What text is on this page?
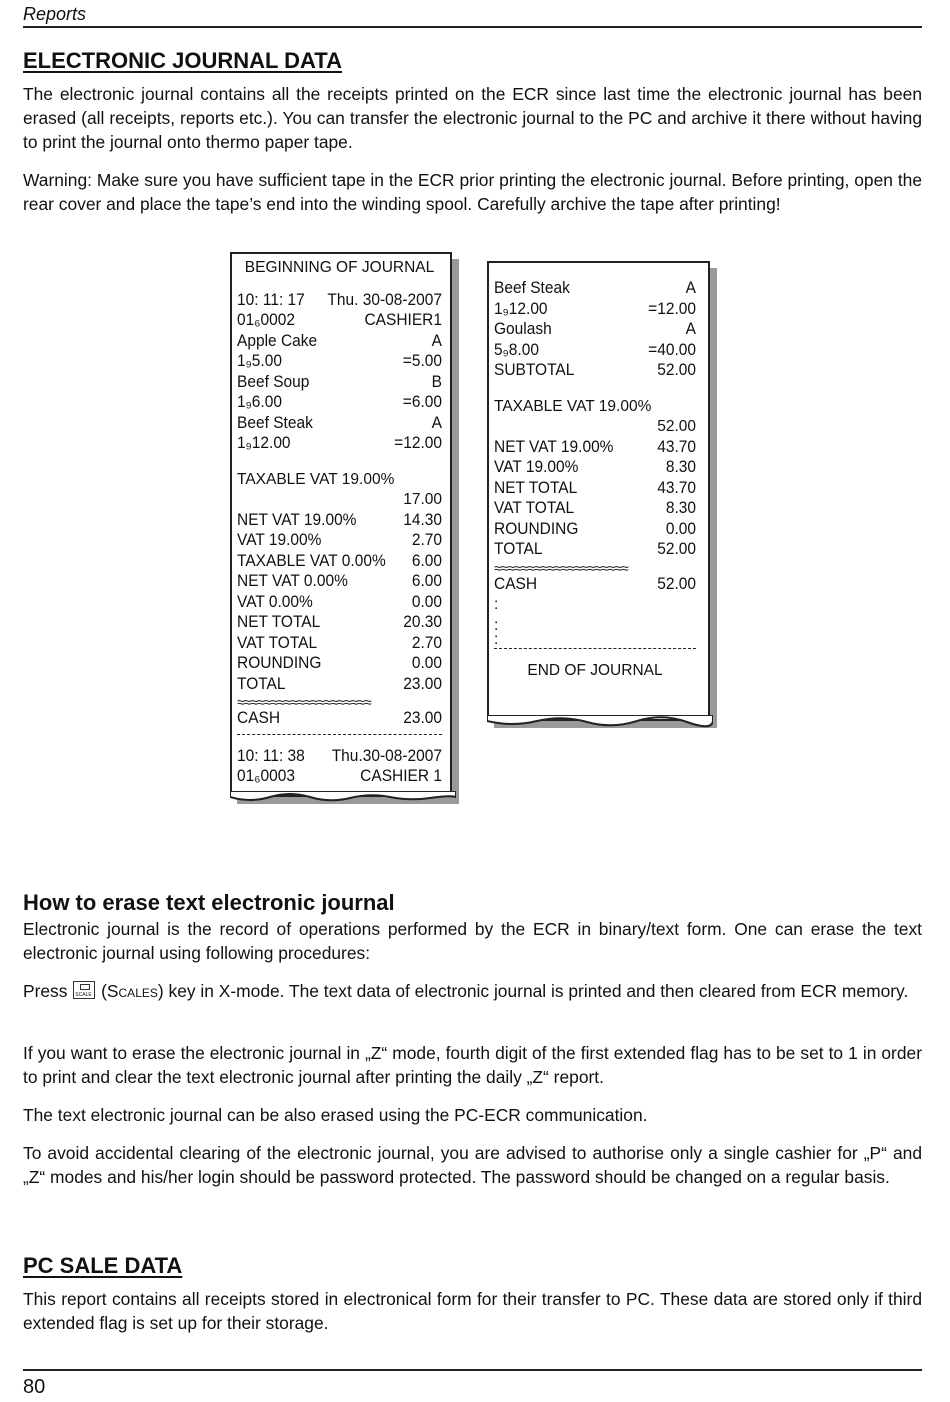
Reports
ELECTRONIC JOURNAL DATA

The electronic journal contains all the receipts printed on the ECR since last time the electronic journal has been erased (all receipts, reports etc.). You can transfer the electronic journal to the PC and archive it there without having to print the journal onto thermo paper tape.

Warning: Make sure you have sufficient tape in the ECR prior printing the electronic journal. Before printing, open the rear cover and place the tape’s end into the winding spool. Carefully archive the tape after printing!

BEGINNING OF JOURNAL
10: 11: 17 Thu. 30-08-2007
01₆0002	CASHIER1
Apple Cake	A
1₉5.00	=5.00
Beef Soup	B
1₉6.00	=6.00
Beef Steak	A
1₉12.00	=12.00
TAXABLE VAT 19.00%
17.00
NET VAT 19.00%	14.30
VAT 19.00%	2.70
TAXABLE VAT 0.00% 6.00
NET VAT 0.00%	6.00
VAT 0.00%	0.00
NET TOTAL	20.30
VAT TOTAL	2.70
ROUNDING	0.00
TOTAL	23.00
≈≈≈≈≈≈≈≈≈≈≈≈≈≈≈≈≈≈≈≈
CASH	23.00
10: 11: 38 Thu.30-08-2007
01₆0003	CASHIER 1
Beef Steak	A
1₉12.00	=12.00
Goulash	A
5₉8.00	=40.00
SUBTOTAL	52.00
TAXABLE VAT 19.00%
52.00
NET VAT 19.00%	43.70
VAT 19.00%	8.30
NET TOTAL	43.70
VAT TOTAL	8.30
ROUNDING	0.00
TOTAL	52.00
≈≈≈≈≈≈≈≈≈≈≈≈≈≈≈≈≈≈≈≈
CASH	52.00
:
:
:
END OF JOURNAL
How to erase text electronic journal

Electronic journal is the record of operations performed by the ECR in binary/text form. One can erase the text electronic journal using following procedures:

Press SCALE (Scales) key in X-mode. The text data of electronic journal is printed and then cleared from ECR memory.

If you want to erase the electronic journal in „Z“ mode, fourth digit of the first extended flag has to be set to 1 in order to print and clear the text electronic journal after printing the daily „Z“ report.

The text electronic journal can be also erased using the PC-ECR communication.

To avoid accidental clearing of the electronic journal, you are advised to authorise only a single cashier for „P“ and „Z“ modes and his/her login should be password protected. The password should be changed on a regular basis.

PC SALE DATA

This report contains all receipts stored in electronical form for their transfer to PC. These data are stored only if third extended flag is set up for their storage.

80
